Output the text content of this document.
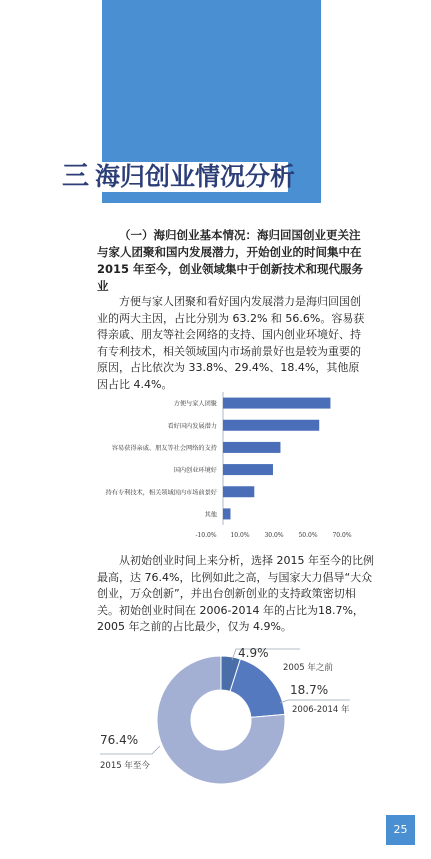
三 海归创业情况分析
（一）海归创业基本情况：海归回国创业更关注与家人团聚和国内发展潜力，开始创业的时间集中在 2015 年至今，创业领域集中于创新技术和现代服务业
方便与家人团聚和看好国内发展潜力是海归回国创业的两大主因，占比分别为 63.2% 和 56.6%。容易获得亲戚、朋友等社会网络的支持、国内创业环境好、持有专利技术，相关领域国内市场前景好也是较为重要的原因，占比依次为 33.8%、29.4%、18.4%，其他原因占比 4.4%。
方便与家人团聚
看好国内发展潜力
容易获得亲戚、朋友等社会网络的支持
国内创业环境好
持有专利技术，相关领域国内市场前景好
其他
-10.0% 10.0% 30.0% 50.0% 70.0%
从初始创业时间上来分析，选择 2015 年至今的比例最高，达 76.4%，比例如此之高，与国家大力倡导“大众创业，万众创新”，并出台创新创业的支持政策密切相关。初始创业时间在 2006-2014 年的占比为18.7%，2005 年之前的占比最少，仅为 4.9%。
4.9%
2005 年之前
18.7%
2006-2014 年
76.4%
2015 年至今
25
